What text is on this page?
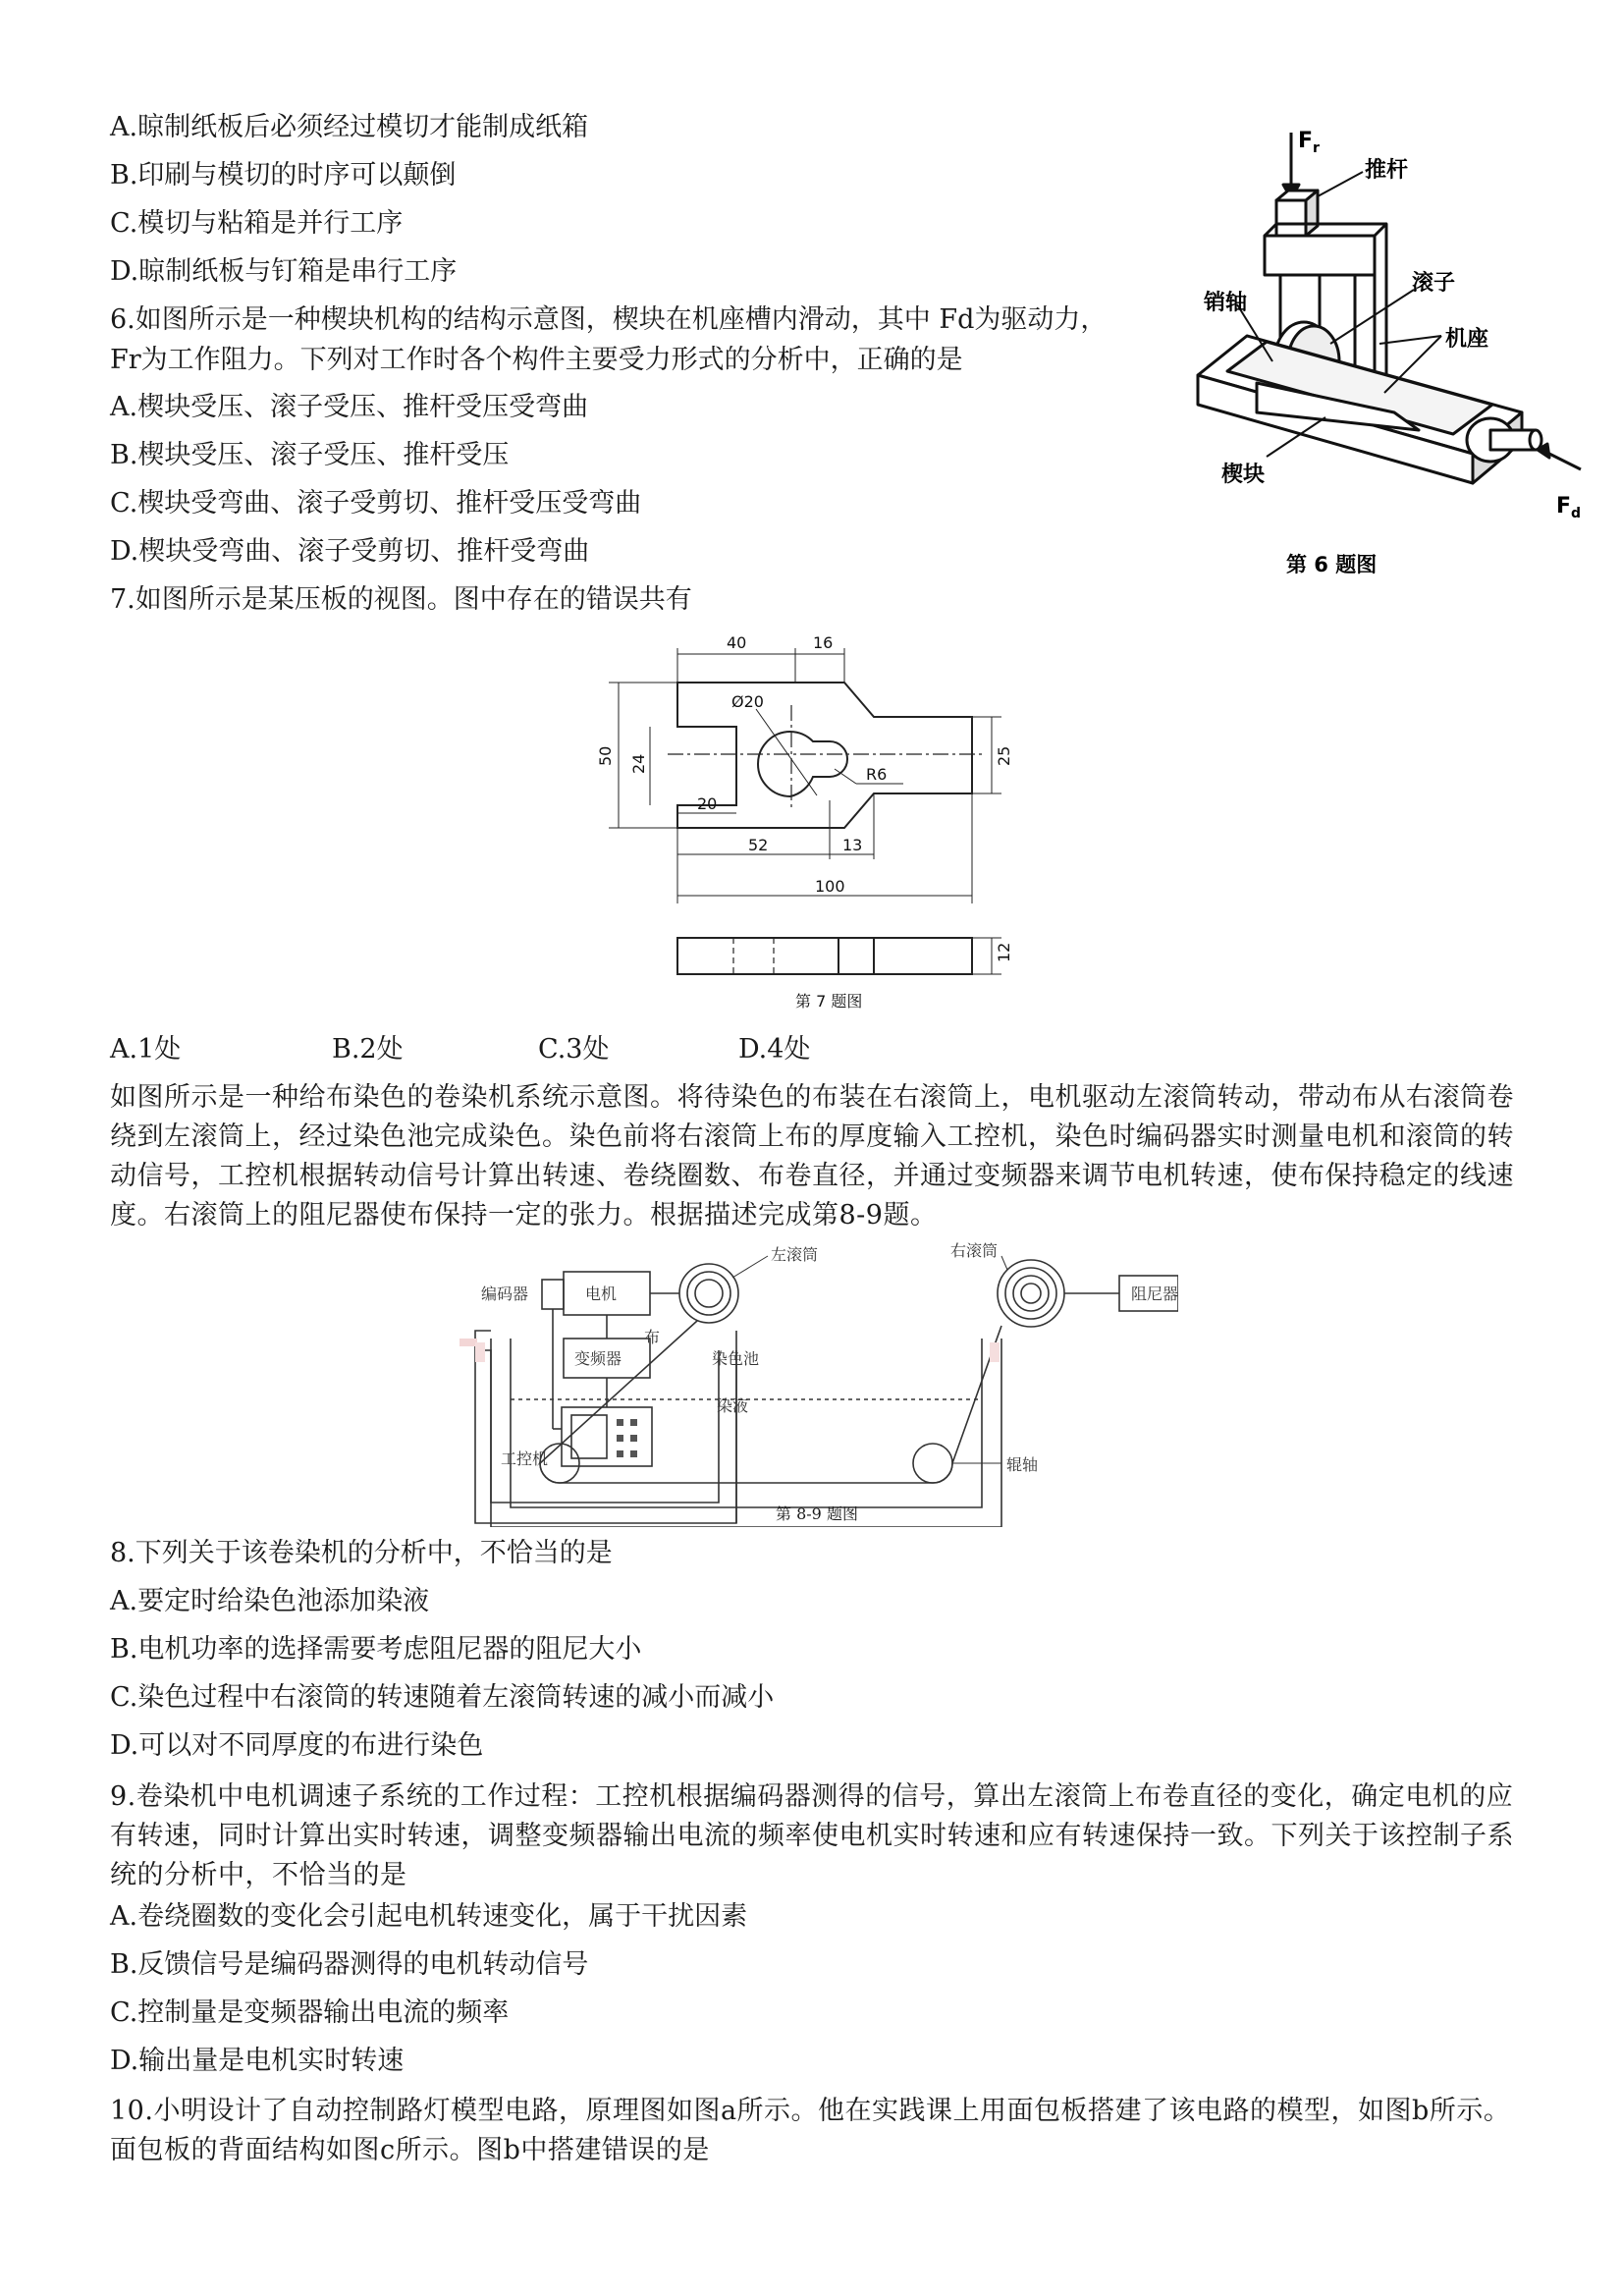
A.晾制纸板后必须经过模切才能制成纸箱
B.印刷与模切的时序可以颠倒
C.模切与粘箱是并行工序
D.晾制纸板与钉箱是串行工序
6.如图所示是一种楔块机构的结构示意图，楔块在机座槽内滑动，其中 Fd为驱动力，
Fr为工作阻力。下列对工作时各个构件主要受力形式的分析中，正确的是
A.楔块受压、滚子受压、推杆受压受弯曲
B.楔块受压、滚子受压、推杆受压
C.楔块受弯曲、滚子受剪切、推杆受压受弯曲
D.楔块受弯曲、滚子受剪切、推杆受弯曲
$F_r$
推杆
滚子
销轴
机座
楔块
$F_d$
第 6 题图
7.如图所示是某压板的视图。图中存在的错误共有
40	16
Ø20
50 24
R6
25
20
52	13
100
12
第 7 题图
A.1处	B.2处	C.3处	D.4处
如图所示是一种给布染色的卷染机系统示意图。将待染色的布装在右滚筒上，电机驱动左滚筒转动，带动布从右滚筒卷绕到左滚筒上，经过染色池完成染色。染色前将右滚筒上布的厚度输入工控机，染色时编码器实时测量电机和滚筒的转动信号，工控机根据转动信号计算出转速、卷绕圈数、布卷直径，并通过变频器来调节电机转速，使布保持稳定的线速度。右滚筒上的阻尼器使布保持一定的张力。根据描述完成第8-9题。
编码器	电机
左滚筒	右滚筒
阻尼器
变频器
布
染色池
染液
辊轴
工控机
第 8-9 题图
8.下列关于该卷染机的分析中，不恰当的是
A.要定时给染色池添加染液
B.电机功率的选择需要考虑阻尼器的阻尼大小
C.染色过程中右滚筒的转速随着左滚筒转速的减小而减小
D.可以对不同厚度的布进行染色
9.卷染机中电机调速子系统的工作过程：工控机根据编码器测得的信号，算出左滚筒上布卷直径的变化，确定电机的应有转速，同时计算出实时转速，调整变频器输出电流的频率使电机实时转速和应有转速保持一致。下列关于该控制子系统的分析中，不恰当的是
A.卷绕圈数的变化会引起电机转速变化，属于干扰因素
B.反馈信号是编码器测得的电机转动信号
C.控制量是变频器输出电流的频率
D.输出量是电机实时转速
10.小明设计了自动控制路灯模型电路，原理图如图a所示。他在实践课上用面包板搭建了该电路的模型，如图b所示。面包板的背面结构如图c所示。图b中搭建错误的是
